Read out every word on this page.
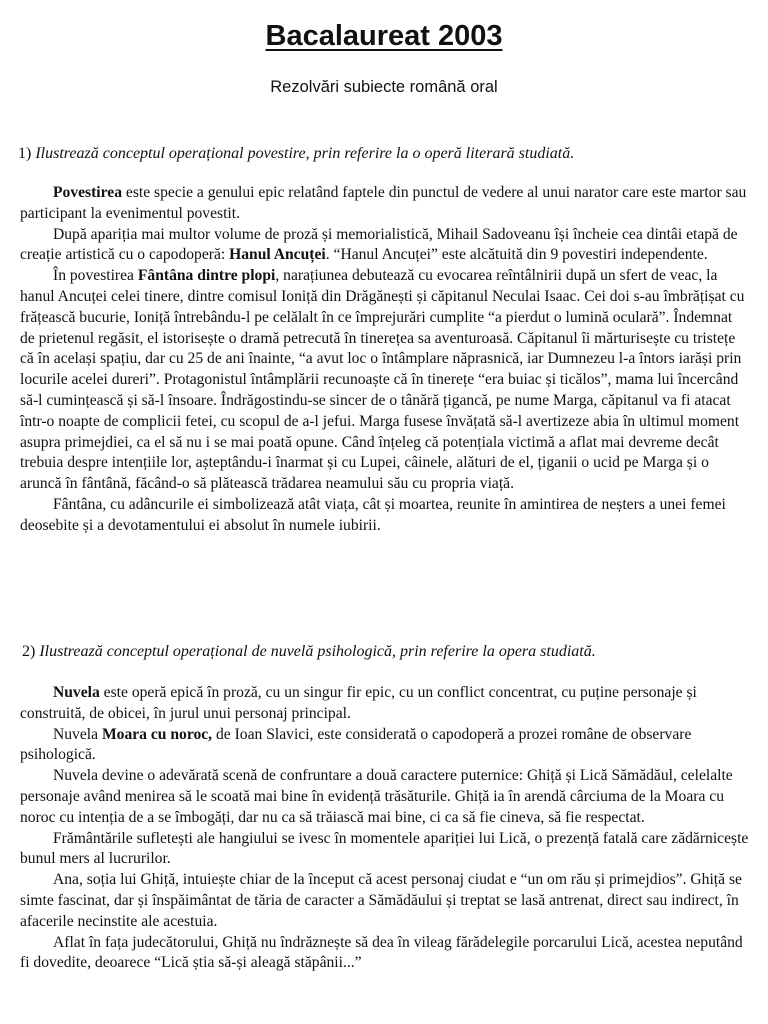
Bacalaureat 2003
Rezolvări subiecte română oral
1) Ilustrează conceptul operațional povestire, prin referire la o operă literară studiată.

Povestirea este specie a genului epic relatând faptele din punctul de vedere al unui narator care este martor sau participant la evenimentul povestit.

După apariția mai multor volume de proză și memorialistică, Mihail Sadoveanu își încheie cea dintâi etapă de creație artistică cu o capodoperă: Hanul Ancuței. “Hanul Ancuței” este alcătuită din 9 povestiri independente.

În povestirea Fântâna dintre plopi, narațiunea debutează cu evocarea reîntâlnirii după un sfert de veac, la hanul Ancuței celei tinere, dintre comisul Ioniță din Drăgănești și căpitanul Neculai Isaac. Cei doi s-au îmbrățișat cu frățească bucurie, Ioniță întrebându-l pe celălalt în ce împrejurări cumplite “a pierdut o lumină oculară”. Îndemnat de prietenul regăsit, el istorisește o dramă petrecută în tinerețea sa aventuroasă. Căpitanul îi mărturisește cu tristețe că în același spațiu, dar cu 25 de ani înainte, “a avut loc o întâmplare năprasnică, iar Dumnezeu l-a întors iarăși prin locurile acelei dureri”. Protagonistul întâmplării recunoaște că în tinerețe “era buiac și ticălos”, mama lui încercând să-l cumințească și să-l însoare. Îndrăgostindu-se sincer de o tânără țigancă, pe nume Marga, căpitanul va fi atacat într-o noapte de complicii fetei, cu scopul de a-l jefui. Marga fusese învățată să-l avertizeze abia în ultimul moment asupra primejdiei, ca el să nu i se mai poată opune. Când înțeleg că potențiala victimă a aflat mai devreme decât trebuia despre intențiile lor, așteptându-i înarmat și cu Lupei, câinele, alături de el, țiganii o ucid pe Marga și o aruncă în fântână, făcând-o să plătească trădarea neamului său cu propria viață.

Fântâna, cu adâncurile ei simbolizează atât viața, cât și moartea, reunite în amintirea de neșters a unei femei deosebite și a devotamentului ei absolut în numele iubirii.

2) Ilustrează conceptul operațional de nuvelă psihologică, prin referire la opera studiată.

Nuvela este operă epică în proză, cu un singur fir epic, cu un conflict concentrat, cu puține personaje și construită, de obicei, în jurul unui personaj principal.

Nuvela Moara cu noroc, de Ioan Slavici, este considerată o capodoperă a prozei române de observare psihologică.

Nuvela devine o adevărată scenă de confruntare a două caractere puternice: Ghiță și Lică Sămădăul, celelalte personaje având menirea să le scoată mai bine în evidență trăsăturile. Ghiță ia în arendă cârciuma de la Moara cu noroc cu intenția de a se îmbogăți, dar nu ca să trăiască mai bine, ci ca să fie cineva, să fie respectat.

Frământările sufletești ale hangiului se ivesc în momentele apariției lui Lică, o prezență fatală care zădărnicește bunul mers al lucrurilor.

Ana, soția lui Ghiță, intuiește chiar de la început că acest personaj ciudat e “un om rău și primejdios”. Ghiță se simte fascinat, dar și înspăimântat de tăria de caracter a Sămădăului și treptat se lasă antrenat, direct sau indirect, în afacerile necinstite ale acestuia.

Aflat în fața judecătorului, Ghiță nu îndrăznește să dea în vileag fărădelegile porcarului Lică, acestea neputând fi dovedite, deoarece “Lică știa să-și aleagă stăpânii...”
